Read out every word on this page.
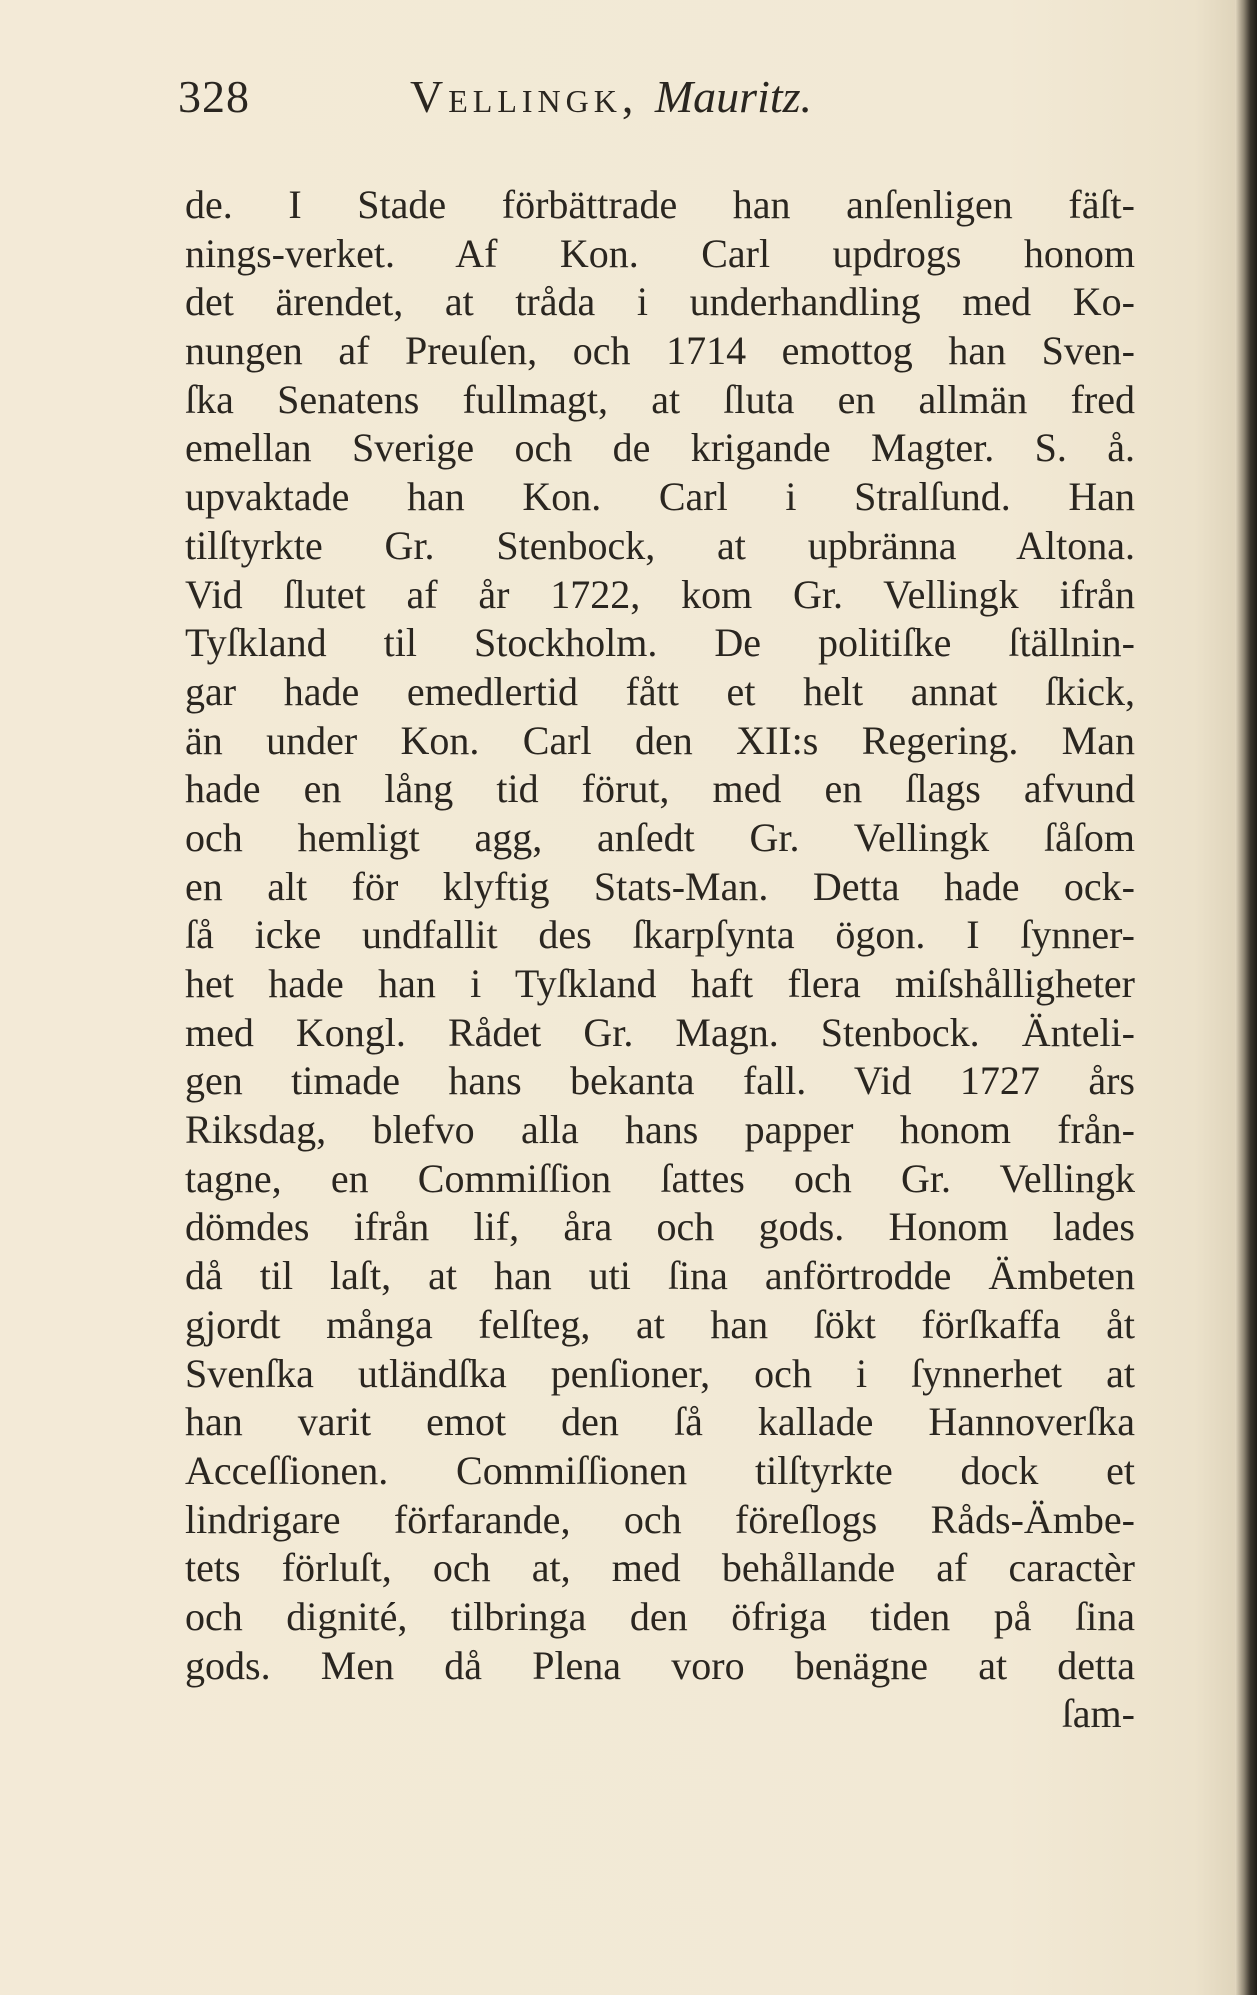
328	Vellingk, Mauritz.
de. I Stade förbättrade han anſenligen fäſt-
nings-verket. Af Kon. Carl updrogs honom
det ärendet, at tråda i underhandling med Ko-
nungen af Preuſen, och 1714 emottog han Sven-
ſka Senatens fullmagt, at ſluta en allmän fred
emellan Sverige och de krigande Magter. S. å.
upvaktade han Kon. Carl i Stralſund. Han
tilſtyrkte Gr. Stenbock, at upbränna Altona.
Vid ſlutet af år 1722, kom Gr. Vellingk ifrån
Tyſkland til Stockholm. De politiſke ſtällnin-
gar hade emedlertid fått et helt annat ſkick,
än under Kon. Carl den XII:s Regering. Man
hade en lång tid förut, med en ſlags afvund
och hemligt agg, anſedt Gr. Vellingk ſåſom
en alt för klyftig Stats-Man. Detta hade ock-
ſå icke undfallit des ſkarpſynta ögon. I ſynner-
het hade han i Tyſkland haft flera miſshålligheter
med Kongl. Rådet Gr. Magn. Stenbock. Änteli-
gen timade hans bekanta fall. Vid 1727 års
Riksdag, blefvo alla hans papper honom från-
tagne, en Commiſſion ſattes och Gr. Vellingk
dömdes ifrån lif, åra och gods. Honom lades
då til laſt, at han uti ſina anförtrodde Ämbeten
gjordt många felſteg, at han ſökt förſkaffa åt
Svenſka utländſka penſioner, och i ſynnerhet at
han varit emot den ſå kallade Hannoverſka
Acceſſionen. Commiſſionen tilſtyrkte dock et
lindrigare förfarande, och föreſlogs Råds-Ämbe-
tets förluſt, och at, med behållande af caractèr
och dignité, tilbringa den öfriga tiden på ſina
gods. Men då Plena voro benägne at detta
ſam-
